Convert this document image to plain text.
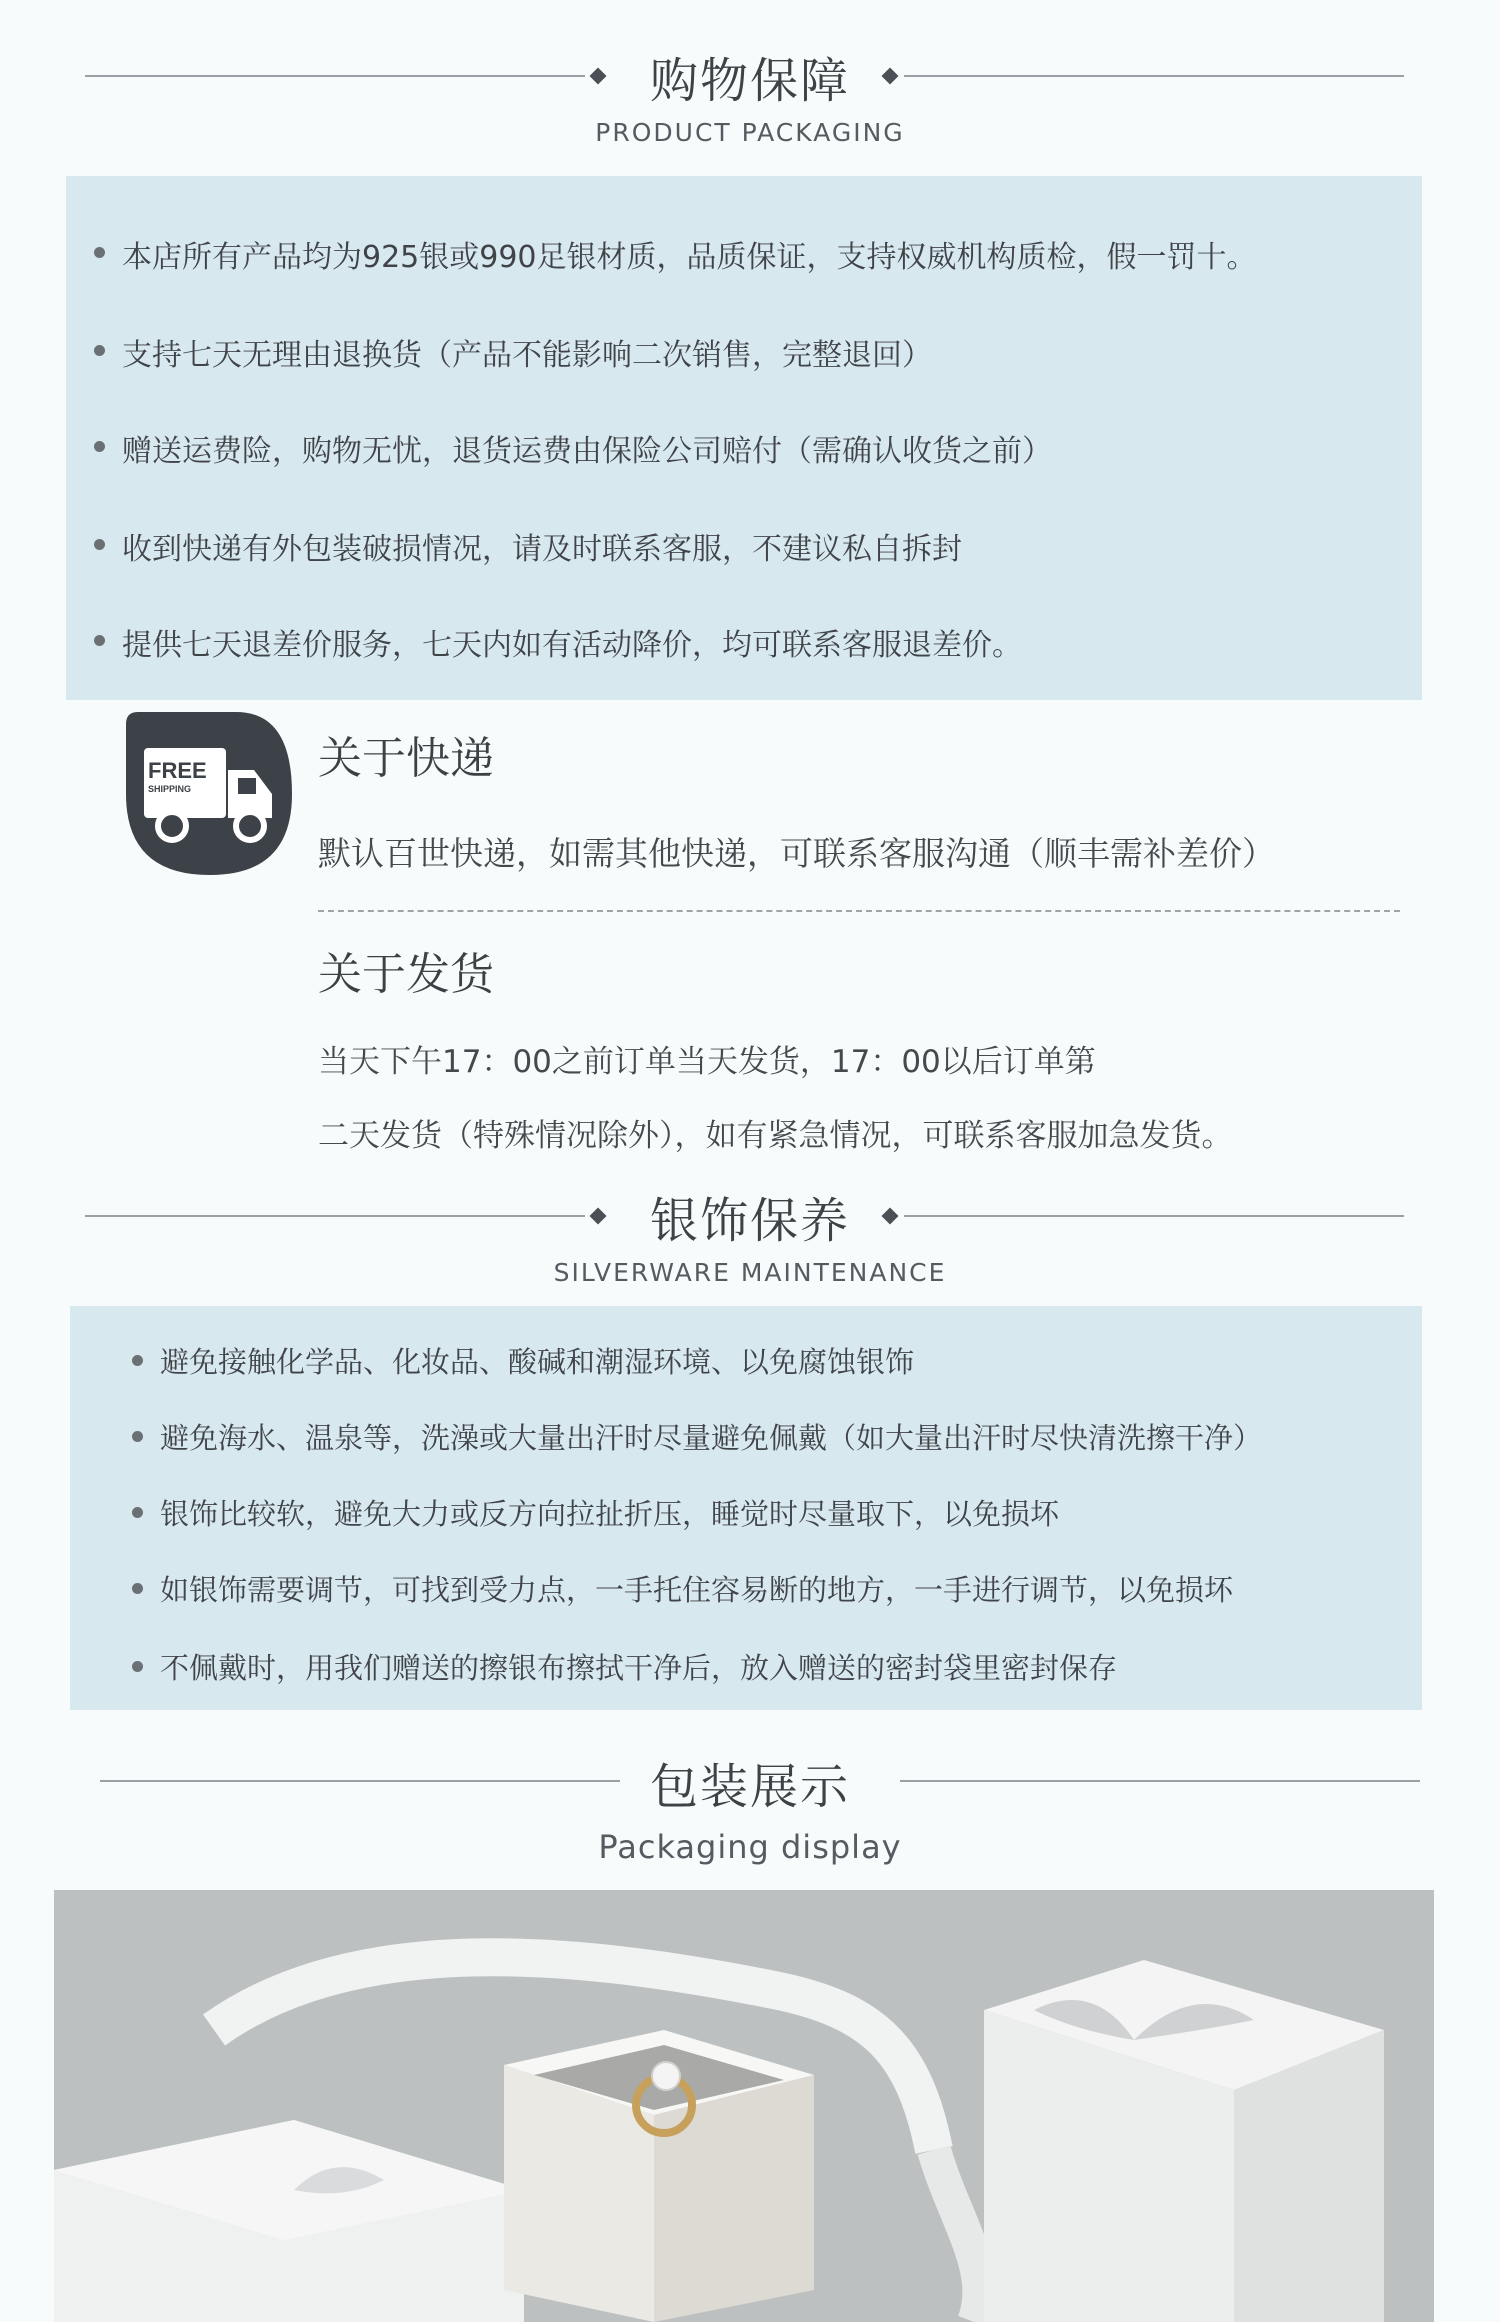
购物保障
PRODUCT PACKAGING
本店所有产品均为925银或990足银材质，品质保证，支持权威机构质检，假一罚十。
支持七天无理由退换货（产品不能影响二次销售，完整退回）
赠送运费险，购物无忧，退货运费由保险公司赔付（需确认收货之前）
收到快递有外包装破损情况，请及时联系客服，不建议私自拆封
提供七天退差价服务，七天内如有活动降价，均可联系客服退差价。
FREE
SHIPPING
关于快递
默认百世快递，如需其他快递，可联系客服沟通（顺丰需补差价）
关于发货
当天下午17：00之前订单当天发货，17：00以后订单第
二天发货（特殊情况除外），如有紧急情况，可联系客服加急发货。
银饰保养
SILVERWARE MAINTENANCE
避免接触化学品、化妆品、酸碱和潮湿环境、以免腐蚀银饰
避免海水、温泉等，洗澡或大量出汗时尽量避免佩戴（如大量出汗时尽快清洗擦干净）
银饰比较软，避免大力或反方向拉扯折压，睡觉时尽量取下，以免损坏
如银饰需要调节，可找到受力点，一手托住容易断的地方，一手进行调节，以免损坏
不佩戴时，用我们赠送的擦银布擦拭干净后，放入赠送的密封袋里密封保存
包装展示
Packaging display
